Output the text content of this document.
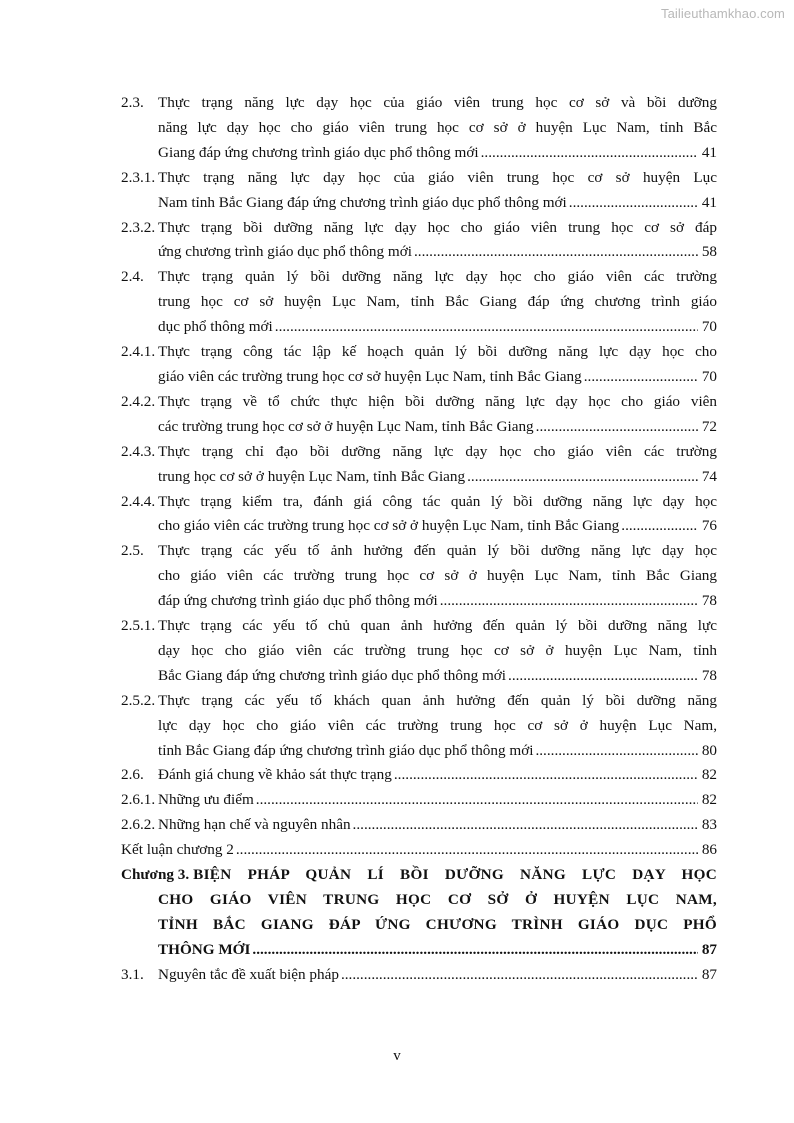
Tailieuthamkhao.com
2.3. Thực trạng năng lực dạy học của giáo viên trung học cơ sở và bồi dưỡng
năng lực dạy học cho giáo viên trung học cơ sở ở huyện Lục Nam, tỉnh Bắc
Giang đáp ứng chương trình giáo dục phổ thông mới .....	41
2.3.1. Thực trạng năng lực dạy học của giáo viên trung học cơ sở huyện Lục
Nam tỉnh Bắc Giang đáp ứng chương trình giáo dục phổ thông mới .....	41
2.3.2. Thực trạng bồi dưỡng năng lực dạy học cho giáo viên trung học cơ sở đáp
ứng chương trình giáo dục phổ thông mới .....	58
2.4. Thực trạng quản lý bồi dưỡng năng lực dạy học cho giáo viên các trường
trung học cơ sở huyện Lục Nam, tỉnh Bắc Giang đáp ứng chương trình giáo
dục phổ thông mới .....	70
2.4.1. Thực trạng công tác lập kế hoạch quản lý bồi dưỡng năng lực dạy học cho
giáo viên các trường trung học cơ sở huyện Lục Nam, tỉnh Bắc Giang .....	70
2.4.2. Thực trạng về tổ chức thực hiện bồi dưỡng năng lực dạy học cho giáo viên
các trường trung học cơ sở ở huyện Lục Nam, tỉnh Bắc Giang .....	72
2.4.3. Thực trạng chỉ đạo bồi dưỡng năng lực dạy học cho giáo viên các trường
trung học cơ sở ở huyện Lục Nam, tỉnh Bắc Giang .....	74
2.4.4. Thực trạng kiểm tra, đánh giá công tác quản lý bồi dưỡng năng lực dạy học
cho giáo viên các trường trung học cơ sở ở huyện Lục Nam, tỉnh Bắc Giang .....	76
2.5. Thực trạng các yếu tố ảnh hưởng đến quản lý bồi dưỡng năng lực dạy học
cho giáo viên các trường trung học cơ sở ở huyện Lục Nam, tỉnh Bắc Giang
đáp ứng chương trình giáo dục phổ thông mới .....	78
2.5.1. Thực trạng các yếu tố chủ quan ảnh hưởng đến quản lý bồi dưỡng năng lực
dạy học cho giáo viên các trường trung học cơ sở ở huyện Lục Nam, tỉnh
Bắc Giang đáp ứng chương trình giáo dục phổ thông mới .....	78
2.5.2. Thực trạng các yếu tố khách quan ảnh hưởng đến quản lý bồi dưỡng năng
lực dạy học cho giáo viên các trường trung học cơ sở ở huyện Lục Nam,
tỉnh Bắc Giang đáp ứng chương trình giáo dục phổ thông mới .....	80
2.6. Đánh giá chung về khảo sát thực trạng .....	82
2.6.1. Những ưu điểm .....	82
2.6.2. Những hạn chế và nguyên nhân .....	83
Kết luận chương 2 .....	86
Chương 3. BIỆN PHÁP QUẢN LÍ BỒI DƯỠNG NĂNG LỰC DẠY HỌC
CHO GIÁO VIÊN TRUNG HỌC CƠ SỞ Ở HUYỆN LỤC NAM,
TỈNH BẮC GIANG ĐÁP ỨNG CHƯƠNG TRÌNH GIÁO DỤC PHỔ
THÔNG MỚI .....	87
3.1. Nguyên tắc đề xuất biện pháp .....	87
v
